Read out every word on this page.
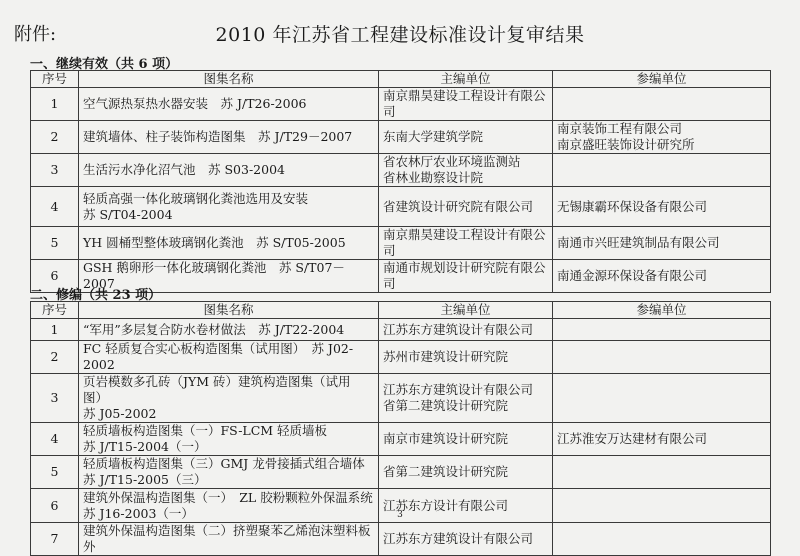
附件:	2010 年江苏省工程建设标准设计复审结果
一、继续有效（共 6 项）
序号	图集名称	主编单位	参编单位
1	空气源热泵热水器安装　苏 J/T26-2006	南京鼎昊建设工程设计有限公司	
2	建筑墙体、柱子装饰构造图集　苏 J/T29－2007	东南大学建筑学院	南京装饰工程有限公司
南京盛旺装饰设计研究所
3	生活污水净化沼气池　苏 S03-2004	省农林厅农业环境监测站
省林业勘察设计院	
4	轻质高强一体化玻璃钢化粪池选用及安装
苏 S/T04-2004	省建筑设计研究院有限公司	无锡康霸环保设备有限公司
5	YH 圆桶型整体玻璃钢化粪池　苏 S/T05-2005	南京鼎昊建设工程设计有限公司	南通市兴旺建筑制品有限公司
6	GSH 鹅卵形一体化玻璃钢化粪池　苏 S/T07－2007	南通市规划设计研究院有限公司	南通金源环保设备有限公司
二、修编（共 23 项）
序号	图集名称	主编单位	参编单位
1	“军用”多层复合防水卷材做法　苏 J/T22-2004	江苏东方建筑设计有限公司	
2	FC 轻质复合实心板构造图集（试用图）　苏 J02-2002	苏州市建筑设计研究院	
3	页岩模数多孔砖（JYM 砖）建筑构造图集（试用图）
苏 J05-2002	江苏东方建筑设计有限公司
省第二建筑设计研究院	
4	轻质墙板构造图集（一）FS-LCM 轻质墙板
苏 J/T15-2004（一）	南京市建筑设计研究院	江苏淮安万达建材有限公司
5	轻质墙板构造图集（三）GMJ 龙骨接插式组合墙体
苏 J/T15-2005（三）	省第二建筑设计研究院	
6	建筑外保温构造图集（一）　ZL 胶粉颗粒外保温系统
苏 J16-2003（一）	江苏东方设计有限公司	
7	建筑外保温构造图集（二）挤塑聚苯乙烯泡沫塑料板外	江苏东方建筑设计有限公司	
3
